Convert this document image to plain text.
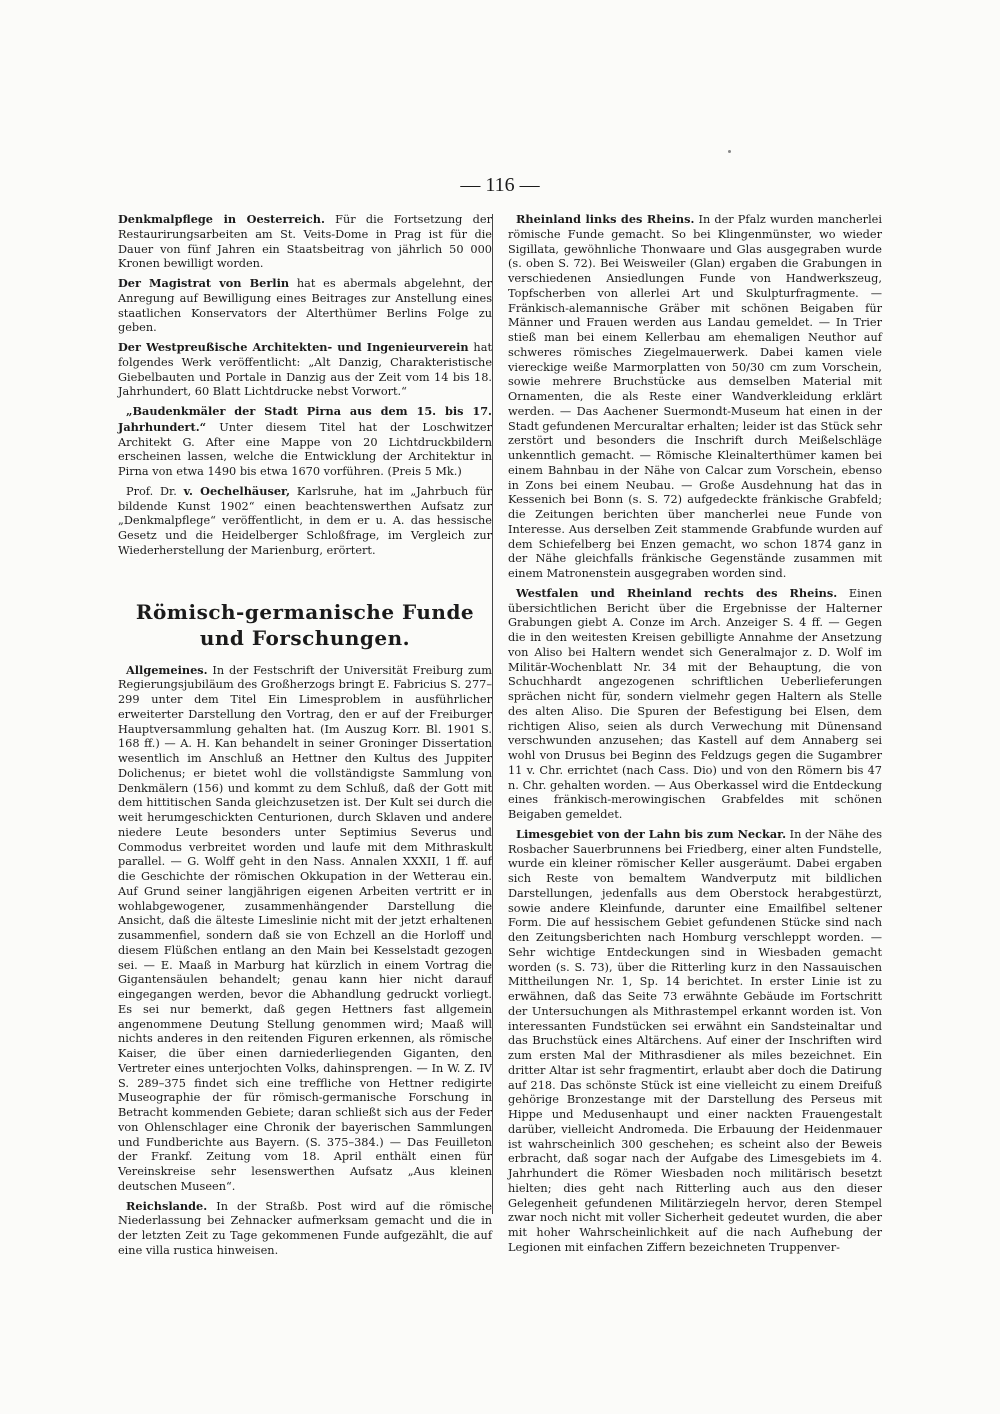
— 116 —

Denkmalpflege in Oesterreich. Für die Fortsetzung der Restaurirungsarbeiten am St. Veits-Dome in Prag ist für die Dauer von fünf Jahren ein Staatsbeitrag von jährlich 50 000 Kronen bewilligt worden.

Der Magistrat von Berlin hat es abermals abgelehnt, der Anregung auf Bewilligung eines Beitrages zur Anstellung eines staatlichen Konservators der Alterthümer Berlins Folge zu geben.

Der Westpreußische Architekten- und Ingenieurverein hat folgendes Werk veröffentlicht: „Alt Danzig, Charakteristische Giebelbauten und Portale in Danzig aus der Zeit vom 14 bis 18. Jahrhundert, 60 Blatt Lichtdrucke nebst Vorwort.“

„Baudenkmäler der Stadt Pirna aus dem 15. bis 17. Jahrhundert.“ Unter diesem Titel hat der Loschwitzer Architekt G. After eine Mappe von 20 Lichtdruckbildern erscheinen lassen, welche die Entwicklung der Architektur in Pirna von etwa 1490 bis etwa 1670 vorführen. (Preis 5 Mk.)

Prof. Dr. v. Oechelhäuser, Karlsruhe, hat im „Jahrbuch für bildende Kunst 1902“ einen beachtenswerthen Aufsatz zur „Denkmalpflege“ veröffentlicht, in dem er u. A. das hessische Gesetz und die Heidelberger Schloßfrage, im Vergleich zur Wiederherstellung der Marienburg, erörtert.

Römisch-germanische Funde und Forschungen.

Allgemeines. In der Festschrift der Universität Freiburg zum Regierungsjubiläum des Großherzogs bringt E. Fabricius S. 277–299 unter dem Titel Ein Limesproblem in ausführlicher erweiterter Darstellung den Vortrag, den er auf der Freiburger Hauptversammlung gehalten hat. (Im Auszug Korr. Bl. 1901 S. 168 ff.) — A. H. Kan behandelt in seiner Groninger Dissertation wesentlich im Anschluß an Hettner den Kultus des Juppiter Dolichenus; er bietet wohl die vollständigste Sammlung von Denkmälern (156) und kommt zu dem Schluß, daß der Gott mit dem hittitischen Sanda gleichzusetzen ist. Der Kult sei durch die weit herumgeschickten Centurionen, durch Sklaven und andere niedere Leute besonders unter Septimius Severus und Commodus verbreitet worden und laufe mit dem Mithraskult parallel. — G. Wolff geht in den Nass. Annalen XXXII, 1 ff. auf die Geschichte der römischen Okkupation in der Wetterau ein. Auf Grund seiner langjährigen eigenen Arbeiten vertritt er in wohlabgewogener, zusammenhängender Darstellung die Ansicht, daß die älteste Limeslinie nicht mit der jetzt erhaltenen zusammenfiel, sondern daß sie von Echzell an die Horloff und diesem Flüßchen entlang an den Main bei Kesselstadt gezogen sei. — E. Maaß in Marburg hat kürzlich in einem Vortrag die Gigantensäulen behandelt; genau kann hier nicht darauf eingegangen werden, bevor die Abhandlung gedruckt vorliegt. Es sei nur bemerkt, daß gegen Hettners fast allgemein angenommene Deutung Stellung genommen wird; Maaß will nichts anderes in den reitenden Figuren erkennen, als römische Kaiser, die über einen darniederliegenden Giganten, den Vertreter eines unterjochten Volks, dahinsprengen. — In W. Z. IV S. 289–375 findet sich eine treffliche von Hettner redigirte Museographie der für römisch-germanische Forschung in Betracht kommenden Gebiete; daran schließt sich aus der Feder von Ohlenschlager eine Chronik der bayerischen Sammlungen und Fundberichte aus Bayern. (S. 375–384.) — Das Feuilleton der Frankf. Zeitung vom 18. April enthält einen für Vereinskreise sehr lesenswerthen Aufsatz „Aus kleinen deutschen Museen“.

Reichslande. In der Straßb. Post wird auf die römische Niederlassung bei Zehnacker aufmerksam gemacht und die in der letzten Zeit zu Tage gekommenen Funde aufgezählt, die auf eine villa rustica hinweisen.

Rheinland links des Rheins. In der Pfalz wurden mancherlei römische Funde gemacht. So bei Klingenmünster, wo wieder Sigillata, gewöhnliche Thonwaare und Glas ausgegraben wurde (s. oben S. 72). Bei Weisweiler (Glan) ergaben die Grabungen in verschiedenen Ansiedlungen Funde von Handwerkszeug, Topfscherben von allerlei Art und Skulpturfragmente. — Fränkisch-alemannische Gräber mit schönen Beigaben für Männer und Frauen werden aus Landau gemeldet. — In Trier stieß man bei einem Kellerbau am ehemaligen Neuthor auf schweres römisches Ziegelmauerwerk. Dabei kamen viele viereckige weiße Marmorplatten von 50/30 cm zum Vorschein, sowie mehrere Bruchstücke aus demselben Material mit Ornamenten, die als Reste einer Wandverkleidung erklärt werden. — Das Aachener Suermondt-Museum hat einen in der Stadt gefundenen Mercuraltar erhalten; leider ist das Stück sehr zerstört und besonders die Inschrift durch Meißelschläge unkenntlich gemacht. — Römische Kleinalterthümer kamen bei einem Bahnbau in der Nähe von Calcar zum Vorschein, ebenso in Zons bei einem Neubau. — Große Ausdehnung hat das in Kessenich bei Bonn (s. S. 72) aufgedeckte fränkische Grabfeld; die Zeitungen berichten über mancherlei neue Funde von Interesse. Aus derselben Zeit stammende Grabfunde wurden auf dem Schiefelberg bei Enzen gemacht, wo schon 1874 ganz in der Nähe gleichfalls fränkische Gegenstände zusammen mit einem Matronenstein ausgegraben worden sind.

Westfalen und Rheinland rechts des Rheins. Einen übersichtlichen Bericht über die Ergebnisse der Halterner Grabungen giebt A. Conze im Arch. Anzeiger S. 4 ff. — Gegen die in den weitesten Kreisen gebilligte Annahme der Ansetzung von Aliso bei Haltern wendet sich Generalmajor z. D. Wolf im Militär-Wochenblatt Nr. 34 mit der Behauptung, die von Schuchhardt angezogenen schriftlichen Ueberlieferungen sprächen nicht für, sondern vielmehr gegen Haltern als Stelle des alten Aliso. Die Spuren der Befestigung bei Elsen, dem richtigen Aliso, seien als durch Verwechung mit Dünensand verschwunden anzusehen; das Kastell auf dem Annaberg sei wohl von Drusus bei Beginn des Feldzugs gegen die Sugambrer 11 v. Chr. errichtet (nach Cass. Dio) und von den Römern bis 47 n. Chr. gehalten worden. — Aus Oberkassel wird die Entdeckung eines fränkisch-merowingischen Grabfeldes mit schönen Beigaben gemeldet.

Limesgebiet von der Lahn bis zum Neckar. In der Nähe des Rosbacher Sauerbrunnens bei Friedberg, einer alten Fundstelle, wurde ein kleiner römischer Keller ausgeräumt. Dabei ergaben sich Reste von bemaltem Wandverputz mit bildlichen Darstellungen, jedenfalls aus dem Oberstock herabgestürzt, sowie andere Kleinfunde, darunter eine Emailfibel seltener Form. Die auf hessischem Gebiet gefundenen Stücke sind nach den Zeitungsberichten nach Homburg verschleppt worden. — Sehr wichtige Entdeckungen sind in Wiesbaden gemacht worden (s. S. 73), über die Ritterling kurz in den Nassauischen Mittheilungen Nr. 1, Sp. 14 berichtet. In erster Linie ist zu erwähnen, daß das Seite 73 erwähnte Gebäude im Fortschritt der Untersuchungen als Mithrastempel erkannt worden ist. Von interessanten Fundstücken sei erwähnt ein Sandsteinaltar und das Bruchstück eines Altärchens. Auf einer der Inschriften wird zum ersten Mal der Mithrasdiener als miles bezeichnet. Ein dritter Altar ist sehr fragmentirt, erlaubt aber doch die Datirung auf 218. Das schönste Stück ist eine vielleicht zu einem Dreifuß gehörige Bronzestange mit der Darstellung des Perseus mit Hippe und Medusenhaupt und einer nackten Frauengestalt darüber, vielleicht Andromeda. Die Erbauung der Heidenmauer ist wahrscheinlich 300 geschehen; es scheint also der Beweis erbracht, daß sogar nach der Aufgabe des Limesgebiets im 4. Jahrhundert die Römer Wiesbaden noch militärisch besetzt hielten; dies geht nach Ritterling auch aus den dieser Gelegenheit gefundenen Militärziegeln hervor, deren Stempel zwar noch nicht mit voller Sicherheit gedeutet wurden, die aber mit hoher Wahrscheinlichkeit auf die nach Aufhebung der Legionen mit einfachen Ziffern bezeichneten Truppenver-
